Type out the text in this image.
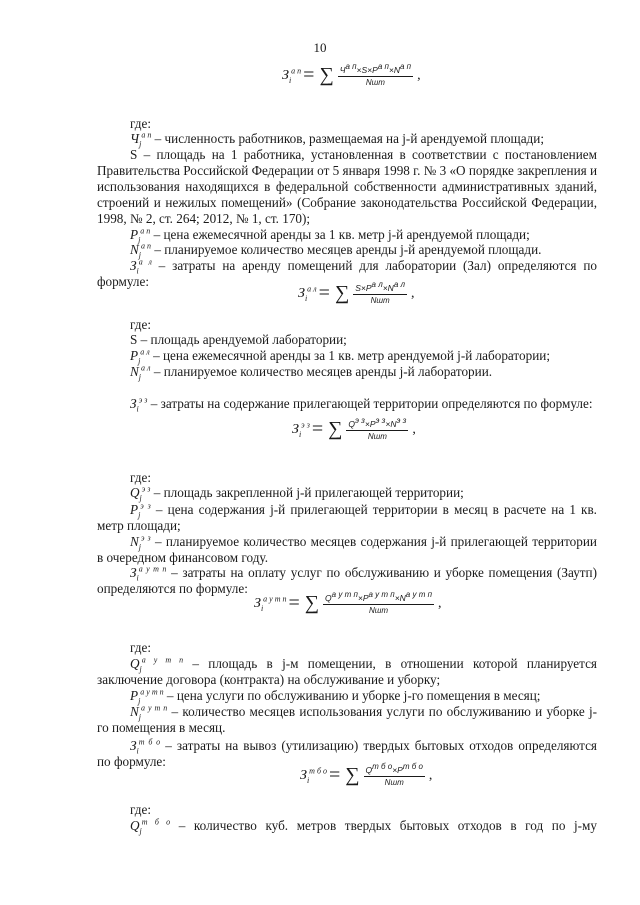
10
$З_i^{а п}$ = ∑ $\frac{Ч^{а п}\times S\times P^{а п}\times N^{а п}}{\text{Nшт}}$ ,
где:
$Ч_j^{а п}$ – численность работников, размещаемая на j-й арендуемой площади;
S – площадь на 1 работника, установленная в соответствии с постановлением
Правительства Российской Федерации от 5 января 1998 г. № 3 «О порядке закрепления и
использования находящихся в федеральной собственности административных зданий,
строений и нежилых помещений» (Собрание законодательства Российской Федерации,
1998, № 2, ст. 264; 2012, № 1, ст. 170);
$P_j^{а п}$ – цена ежемесячной аренды за 1 кв. метр j-й арендуемой площади;
$N_j^{а п}$ – планируемое количество месяцев аренды j-й арендуемой площади.
$З_i^{а л}$ – затраты на аренду помещений для лаборатории (Зал) определяются по
формуле:
$З_i^{а л}$ = ∑ $\frac{S\times P^{а л}\times N^{а л}}{\text{Nшт}}$ ,
где:
S – площадь арендуемой лаборатории;
$P_j^{а л}$ – цена ежемесячной аренды за 1 кв. метр арендуемой j-й лаборатории;
$N_j^{а л}$ – планируемое количество месяцев аренды j-й лаборатории.
$З_i^{э з}$ – затраты на содержание прилегающей территории определяются по формуле:
$З_i^{э з}$ = ∑ $\frac{Q^{э з}\times P^{э з}\times N^{э з}}{\text{Nшт}}$ ,
где:
$Q_j^{э з}$ – площадь закрепленной j-й прилегающей территории;
$P_j^{э з}$ – цена содержания j-й прилегающей территории в месяц в расчете на 1 кв.
метр площади;
$N_j^{э з}$ – планируемое количество месяцев содержания j-й прилегающей территории
в очередном финансовом году.
$З_i^{а у т п}$ – затраты на оплату услуг по обслуживанию и уборке помещения (Заутп)
определяются по формуле:
$З_i^{а у т п}$ = ∑ $\frac{Q^{а у т п}\times P^{а у т п}\times N^{а у т п}}{\text{Nшт}}$ ,
где:
$Q_j^{а у т п}$ – площадь в j-м помещении, в отношении которой планируется
заключение договора (контракта) на обслуживание и уборку;
$P_j^{а у т п}$ – цена услуги по обслуживанию и уборке j-го помещения в месяц;
$N_j^{а у т п}$ – количество месяцев использования услуги по обслуживанию и уборке j-
го помещения в месяц.
$З_i^{т б о}$ – затраты на вывоз (утилизацию) твердых бытовых отходов определяются
по формуле:
$З_i^{т б о}$ = ∑ $\frac{Q^{т б о}\times P^{т б о}}{\text{Nшт}}$ ,
где:
$Q_j^{т б о}$ – количество куб. метров твердых бытовых отходов в год по j-му
